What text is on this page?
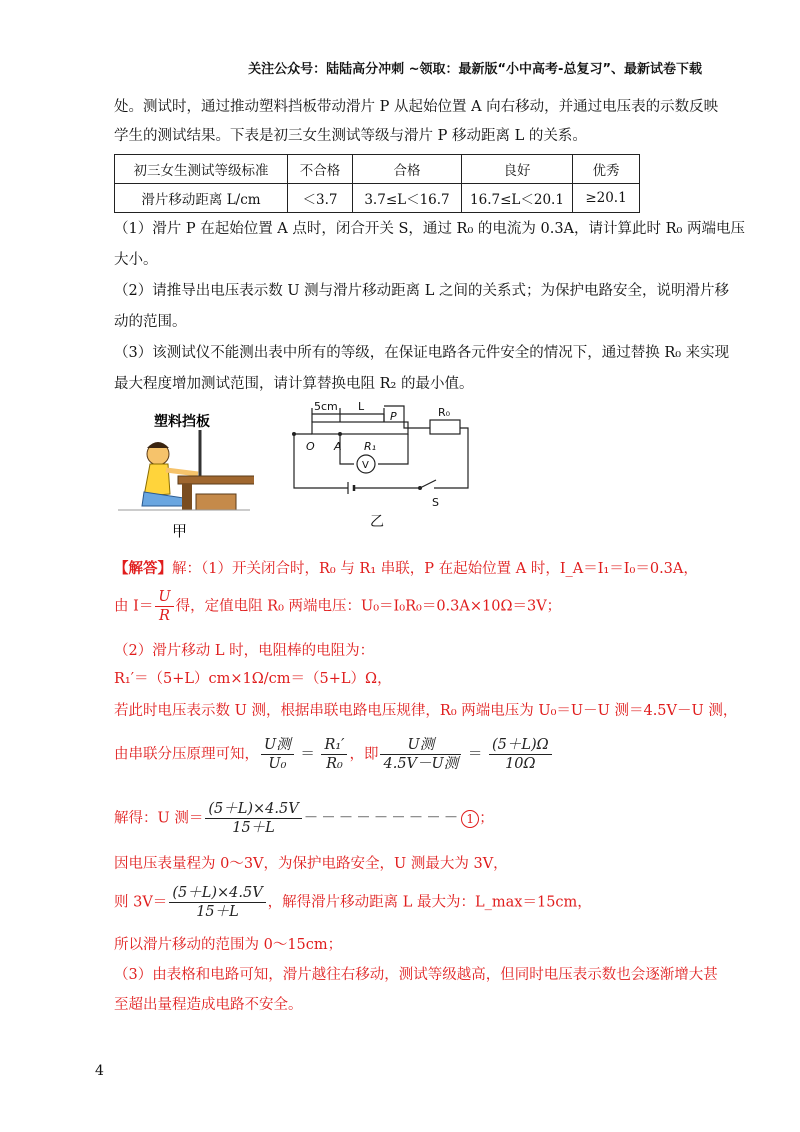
关注公众号：陆陆高分冲刺 ~领取：最新版“小中高考-总复习”、最新试卷下载
处。测试时，通过推动塑料挡板带动滑片 P 从起始位置 A 向右移动，并通过电压表的示数反映
学生的测试结果。下表是初三女生测试等级与滑片 P 移动距离 L 的关系。
初三女生测试等级标准	不合格	合格	良好	优秀
滑片移动距离 L/cm	＜3.7	3.7≤L＜16.7	16.7≤L＜20.1	≥20.1
（1）滑片 P 在起始位置 A 点时，闭合开关 S，通过 R₀ 的电流为 0.3A，请计算此时 R₀ 两端电压
大小。
（2）请推导出电压表示数 U 测与滑片移动距离 L 之间的关系式；为保护电路安全，说明滑片移
动的范围。
（3）该测试仪不能测出表中所有的等级，在保证电路各元件安全的情况下，通过替换 R₀ 来实现
最大程度增加测试范围，请计算替换电阻 R₂ 的最小值。
塑料挡板
甲
5cm L
P	R₀
R₁
O A
V
S
乙
【解答】解：（1）开关闭合时，R₀ 与 R₁ 串联，P 在起始位置 A 时，I_A＝I₁＝I₀＝0.3A，
由 $I= \frac{U}{R}$ 得，定值电阻 R₀ 两端电压：U₀＝I₀R₀＝0.3A×10Ω＝3V；
（2）滑片移动 L 时，电阻棒的电阻为：
R₁′＝（5+L）cm×1Ω/cm＝（5+L）Ω，
若此时电压表示数 U 测，根据串联电路电压规律，R₀ 两端电压为 U₀＝U－U 测＝4.5V－U 测，
由串联分压原理可知， $\frac{\text{U测}}{\text{U₀}} = \frac{\text{R₁′}}{\text{R₀}}$ ，即 $\frac{\text{U测}}{\text{4.5V－U测}} = \frac{(5+L)\Omega}{10\Omega}$
解得：U 测＝ $\frac{(5+L)\times 4.5V}{15+L}$ －－－－－－－－－ 1 ；
因电压表量程为 0～3V，为保护电路安全，U 测最大为 3V，
则 $3V= \frac{(5+L)\times 4.5V}{15+L}$ ，解得滑片移动距离 L 最大为：L_max＝15cm，
所以滑片移动的范围为 0～15cm；
（3）由表格和电路可知，滑片越往右移动，测试等级越高，但同时电压表示数也会逐渐增大甚
至超出量程造成电路不安全。
4
